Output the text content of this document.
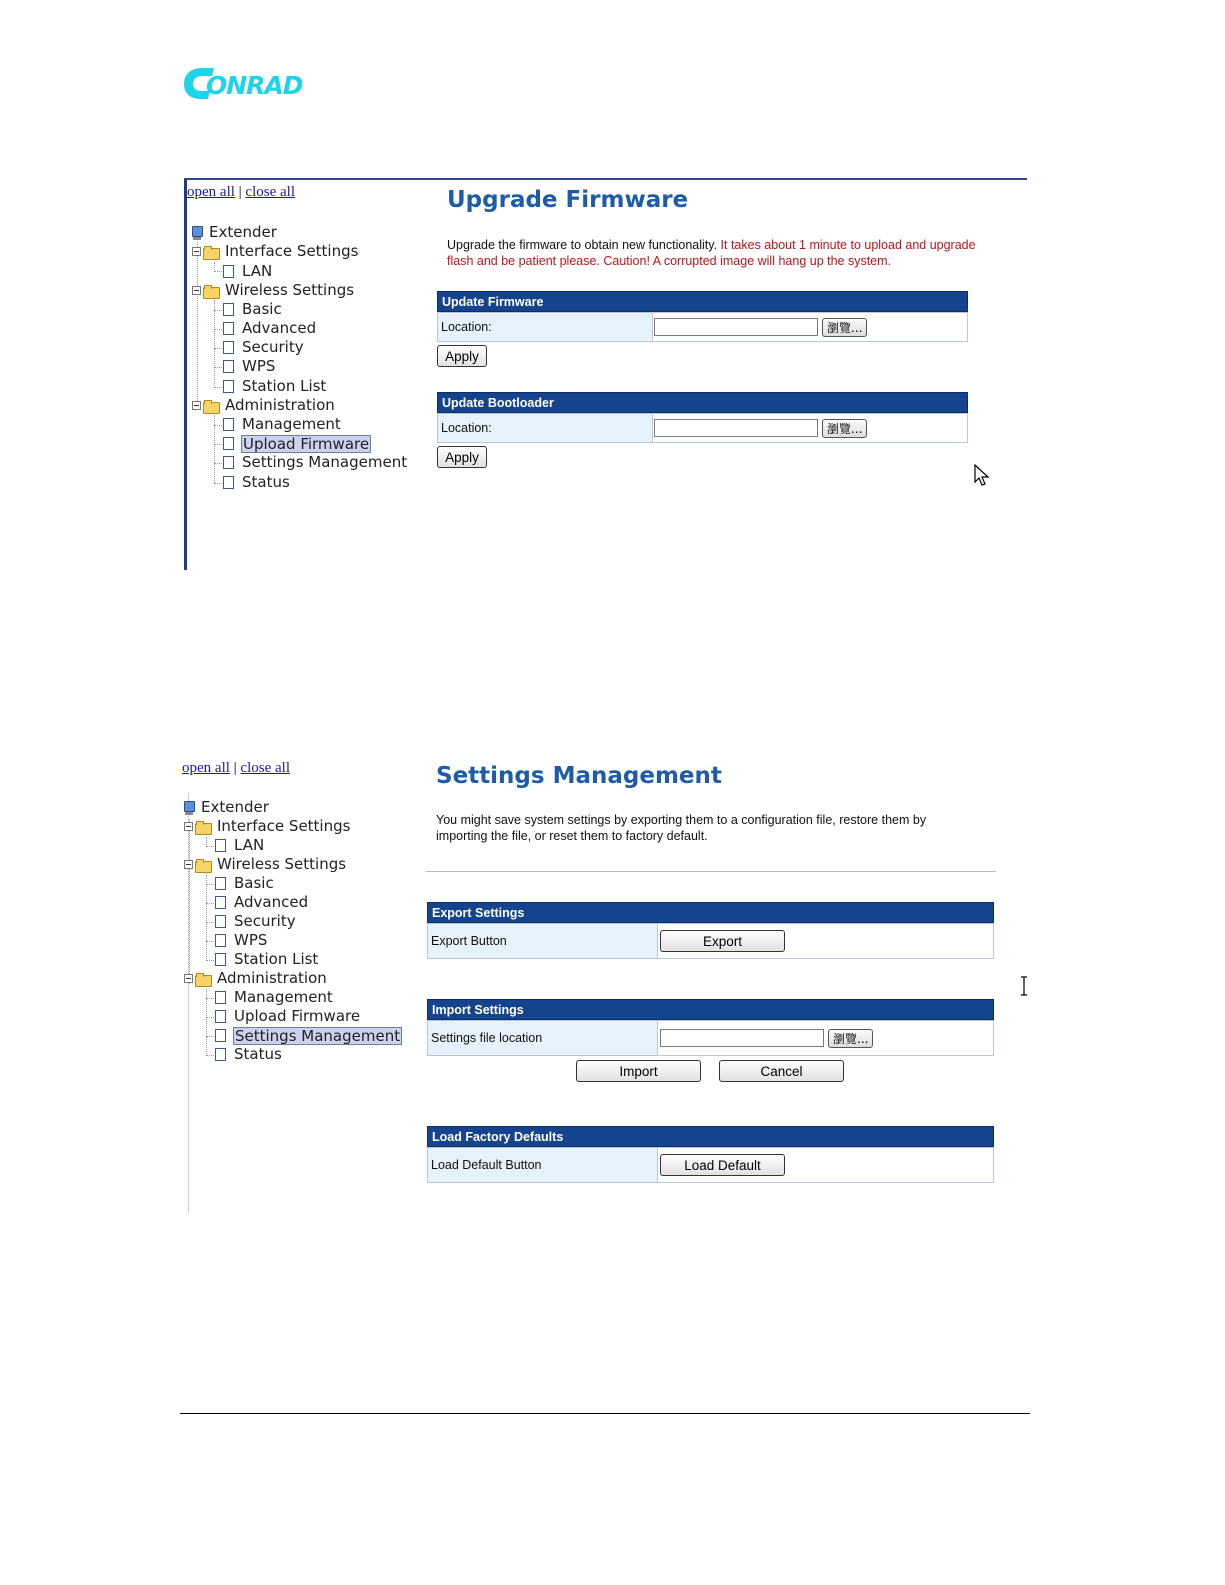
ONRAD
open all | close all
Extender
Interface Settings
LAN
Wireless Settings
Basic
Advanced
Security
WPS
Station List
Administration
Management
Upload Firmware
Settings Management
Status
Upgrade Firmware
Upgrade the firmware to obtain new functionality. It takes about 1 minute to upload and upgrade flash and be patient please. Caution! A corrupted image will hang up the system.
Update Firmware
Location:	瀏覽...
Apply
Update Bootloader
Location:	瀏覽...
Apply
open all | close all
Extender
Interface Settings
LAN
Wireless Settings
Basic
Advanced
Security
WPS
Station List
Administration
Management
Upload Firmware
Settings Management
Status
Settings Management
You might save system settings by exporting them to a configuration file, restore them by importing the file, or reset them to factory default.
Export Settings
Export Button	Export
Import Settings
Settings file location	瀏覽...
Import	Cancel
Load Factory Defaults
Load Default Button	Load Default
